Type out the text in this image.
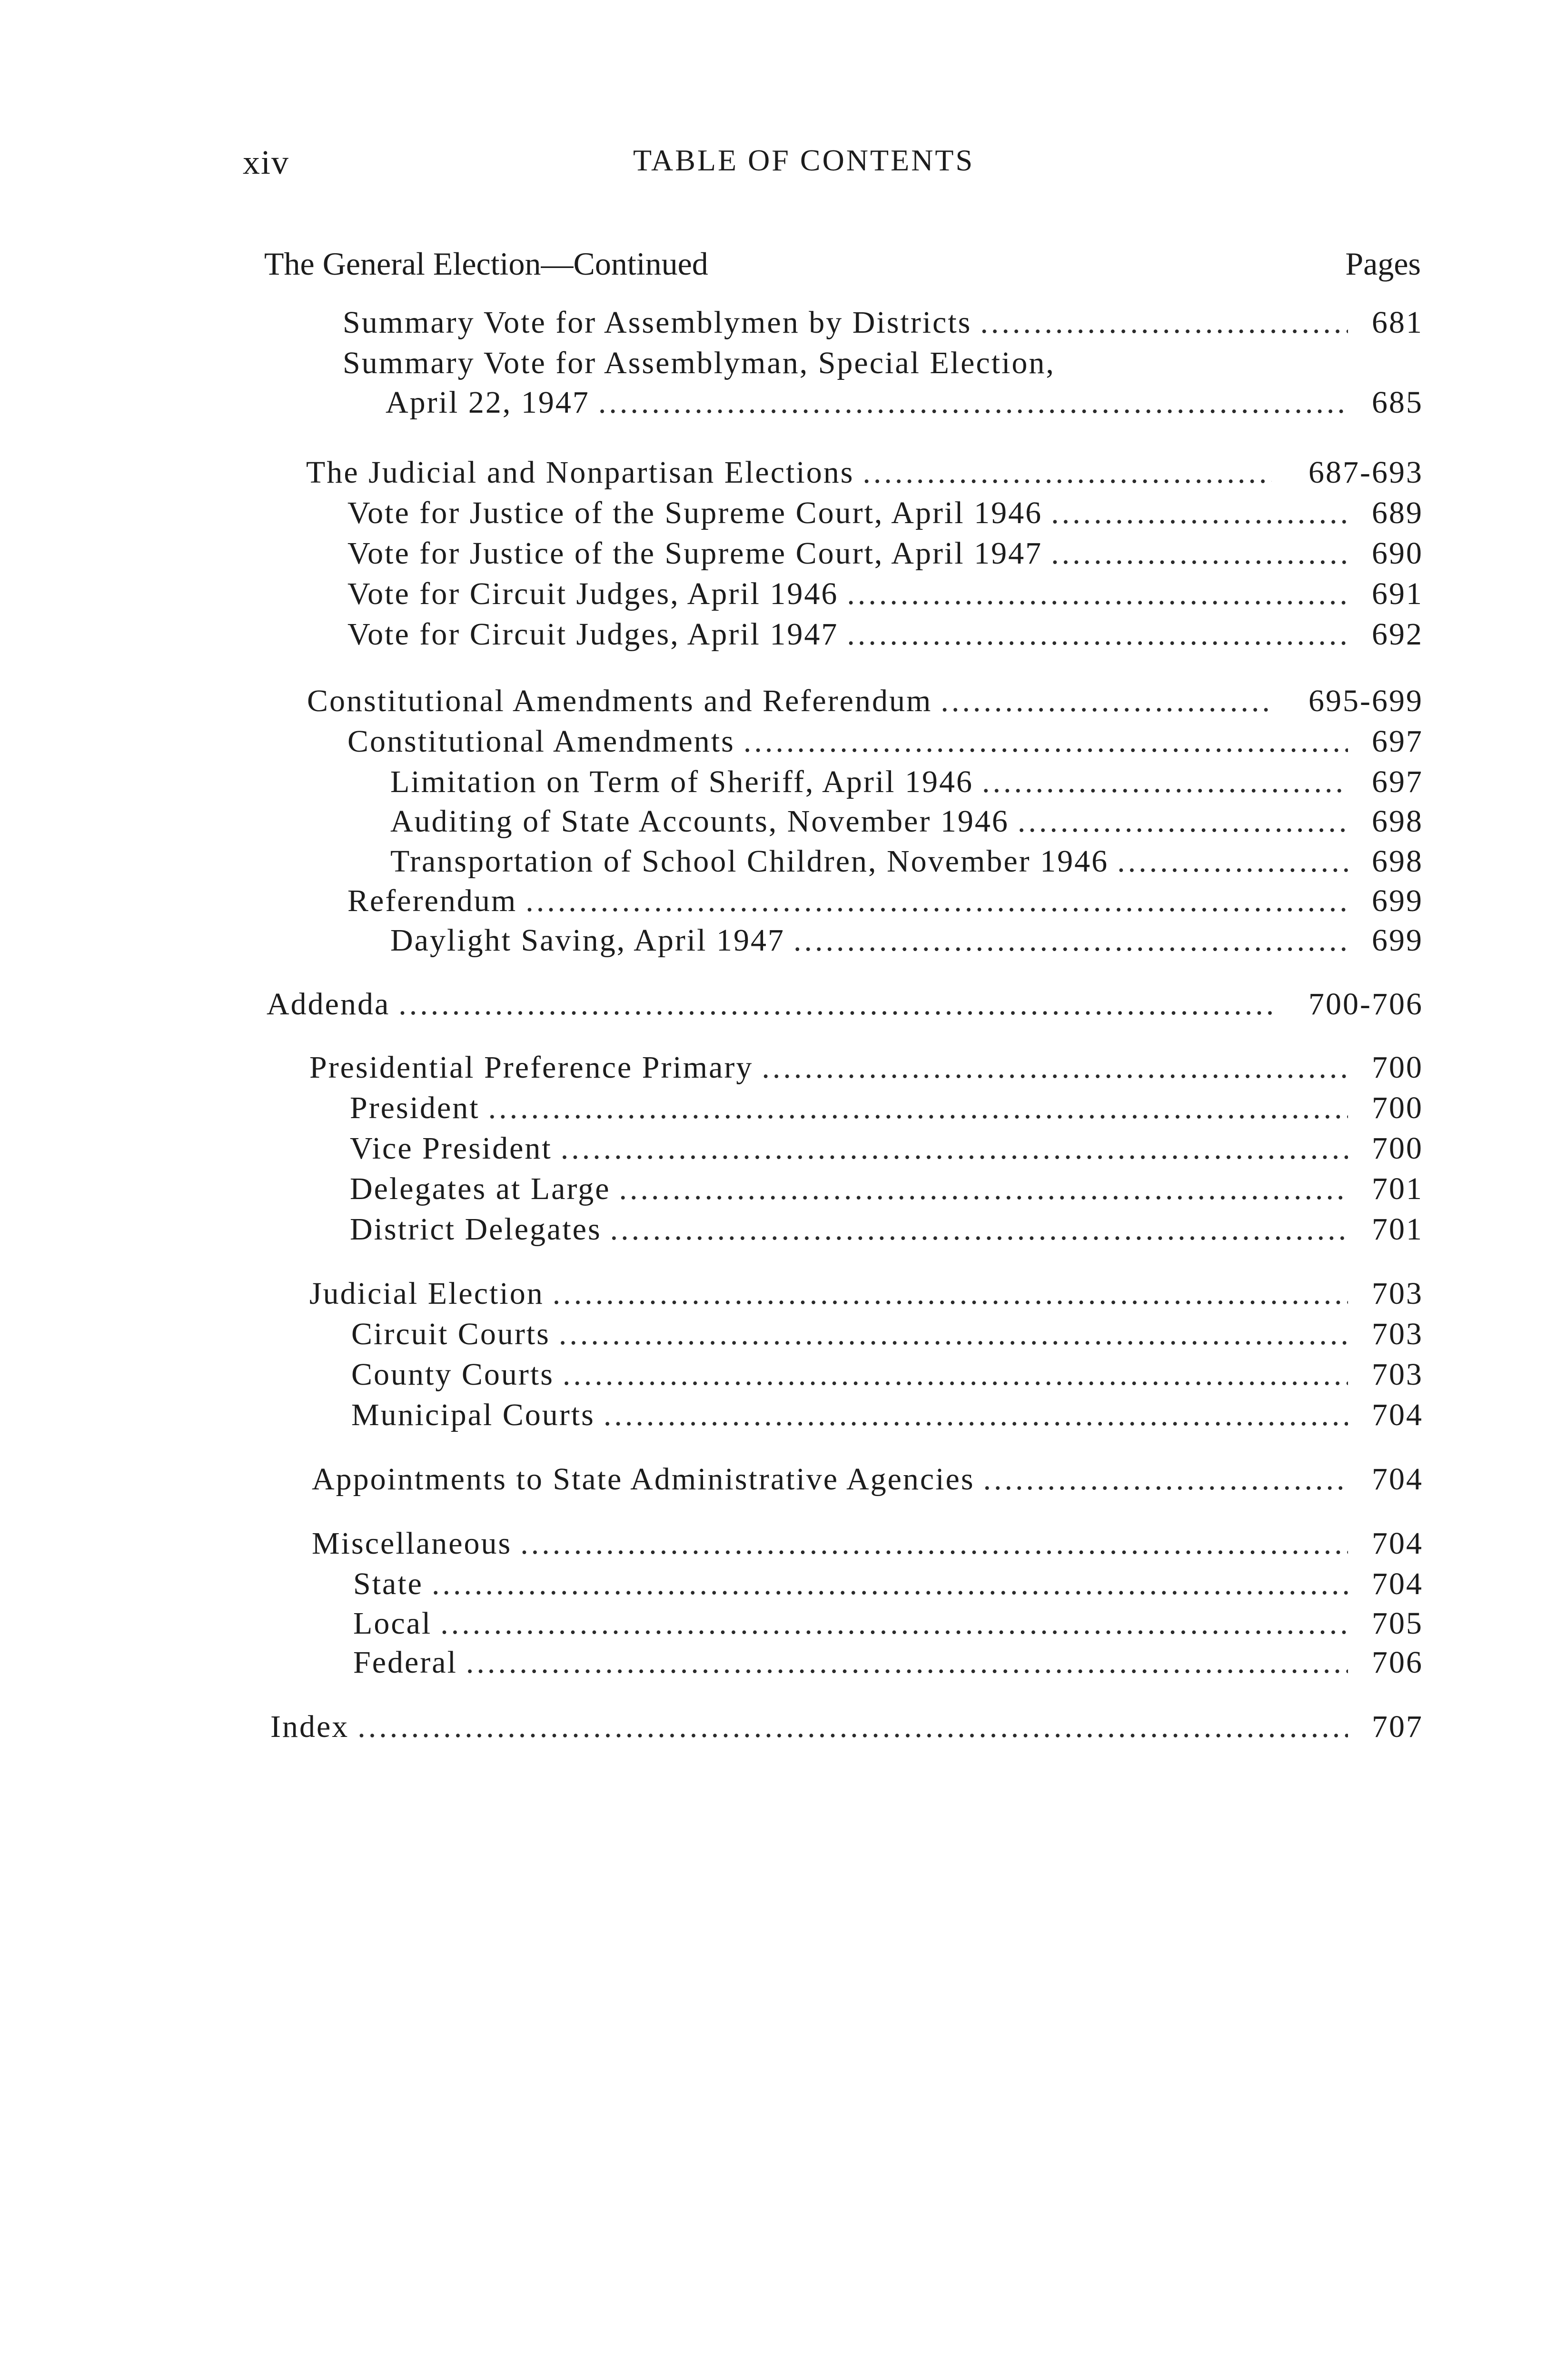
xiv	TABLE OF CONTENTS
The General Election—Continued	Pages
Summary Vote for Assemblymen by Districts .....	681
Summary Vote for Assemblyman, Special Election,
April 22, 1947 .....	685
The Judicial and Nonpartisan Elections .....	687-693
Vote for Justice of the Supreme Court, April 1946 .....	689
Vote for Justice of the Supreme Court, April 1947 .....	690
Vote for Circuit Judges, April 1946 .....	691
Vote for Circuit Judges, April 1947 .....	692
Constitutional Amendments and Referendum .....	695-699
Constitutional Amendments .....	697
Limitation on Term of Sheriff, April 1946 .....	697
Auditing of State Accounts, November 1946 .....	698
Transportation of School Children, November 1946 .....	698
Referendum .....	699
Daylight Saving, April 1947 .....	699
Addenda .....	700-706
Presidential Preference Primary .....	700
President .....	700
Vice President .....	700
Delegates at Large .....	701
District Delegates .....	701
Judicial Election .....	703
Circuit Courts .....	703
County Courts .....	703
Municipal Courts .....	704
Appointments to State Administrative Agencies .....	704
Miscellaneous .....	704
State .....	704
Local .....	705
Federal .....	706
Index .....	707
